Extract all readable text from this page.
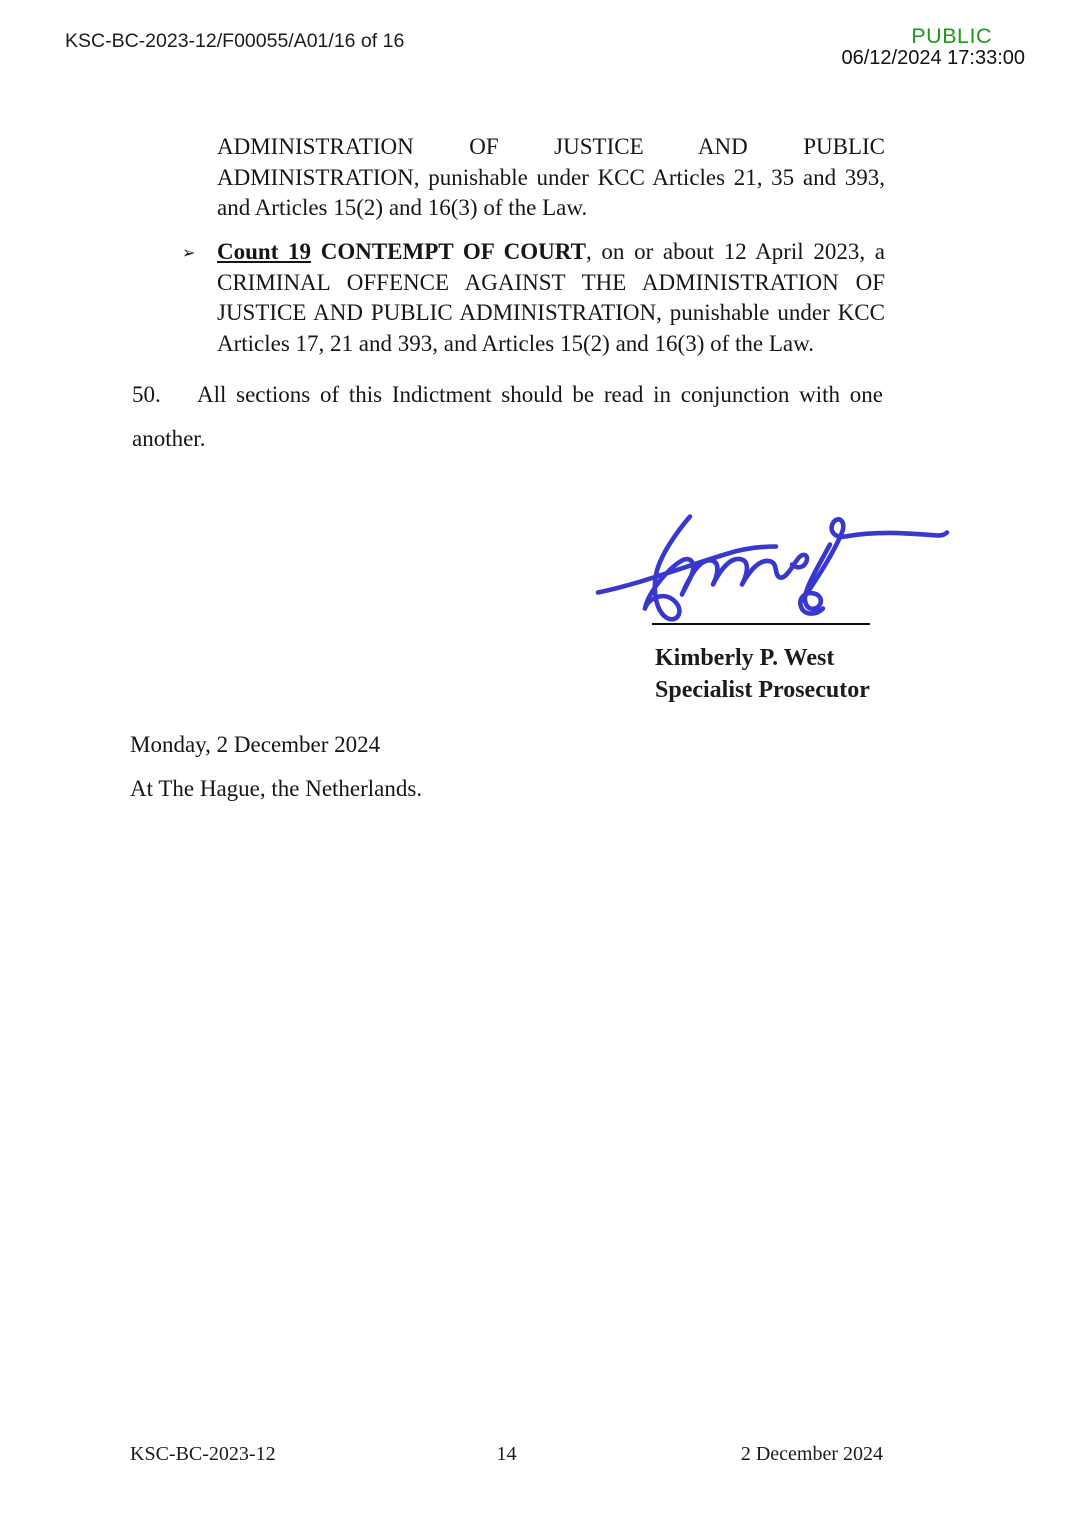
KSC-BC-2023-12/F00055/A01/16 of 16	PUBLIC
06/12/2024 17:33:00
ADMINISTRATION OF JUSTICE AND PUBLIC
ADMINISTRATION, punishable under KCC Articles 21, 35 and 393,
and Articles 15(2) and 16(3) of the Law.
➢ Count 19 CONTEMPT OF COURT, on or about 12 April 2023, a
CRIMINAL OFFENCE AGAINST THE ADMINISTRATION OF
JUSTICE AND PUBLIC ADMINISTRATION, punishable under KCC
Articles 17, 21 and 393, and Articles 15(2) and 16(3) of the Law.
50. All sections of this Indictment should be read in conjunction with one
another.
Kimberly P. West
Specialist Prosecutor
Monday, 2 December 2024
At The Hague, the Netherlands.
KSC-BC-2023-12	14	2 December 2024
